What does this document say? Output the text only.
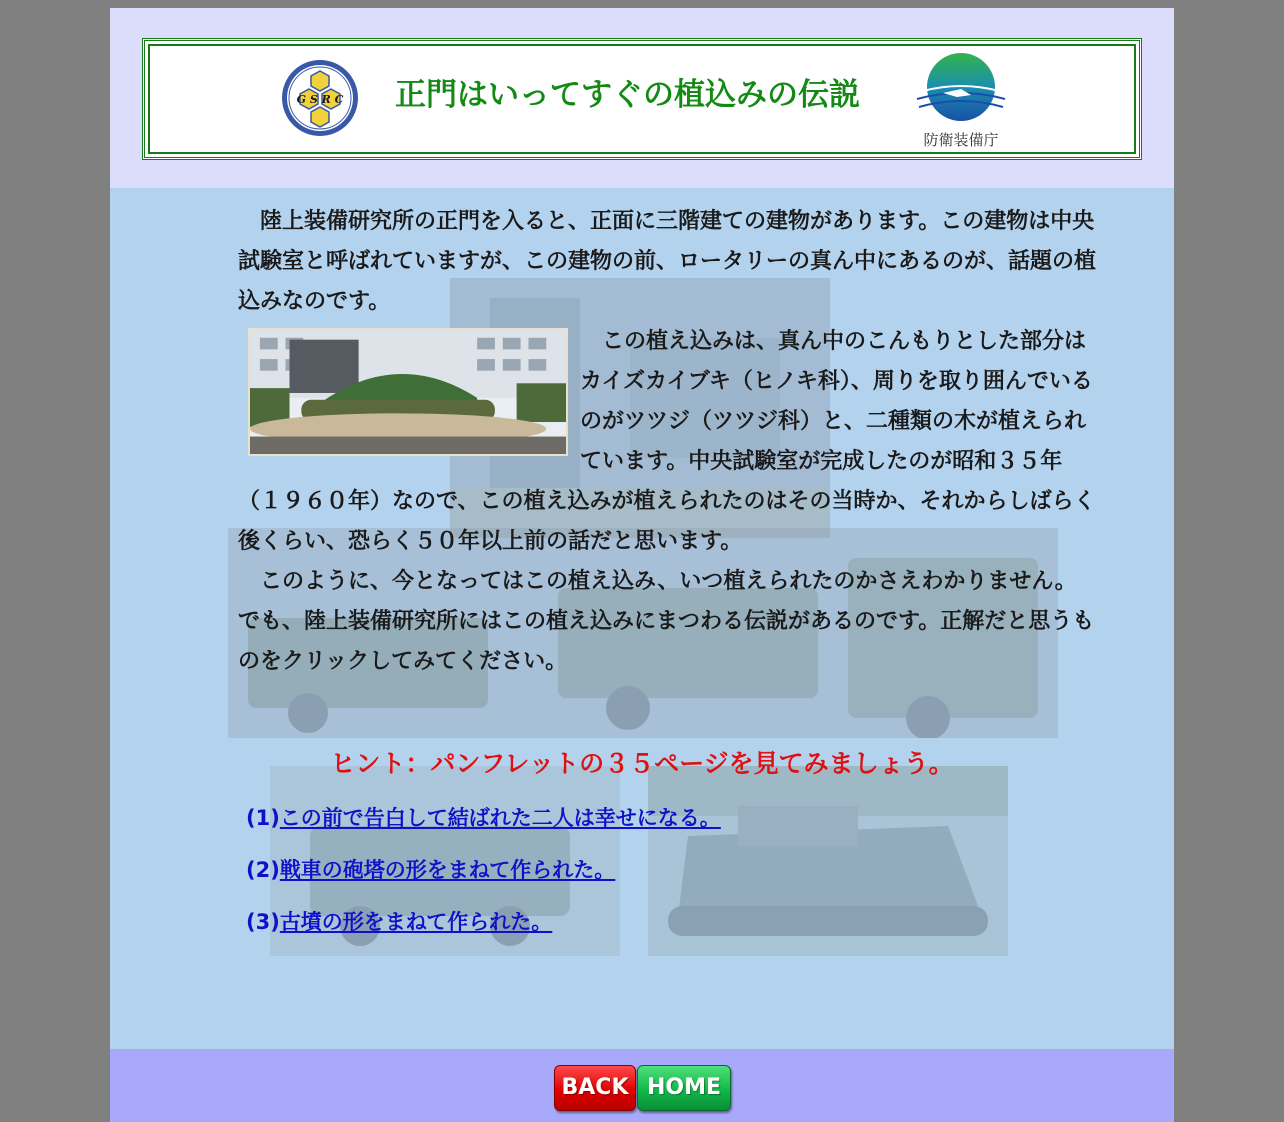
G S R C 正門はいってすぐの植込みの伝説
防衛装備庁

　陸上装備研究所の正門を入ると、正面に三階建ての建物があります。この建物は中央試験室と呼ばれていますが、この建物の前、ロータリーの真ん中にあるのが、話題の植込みなのです。

　この植え込みは、真ん中のこんもりとした部分はカイズカイブキ（ヒノキ科）、周りを取り囲んでいるのがツツジ（ツツジ科）と、二種類の木が植えられています。中央試験室が完成したのが昭和３５年（１９６０年）なので、この植え込みが植えられたのはその当時か、それからしばらく後くらい、恐らく５０年以上前の話だと思います。

　このように、今となってはこの植え込み、いつ植えられたのかさえわかりません。でも、陸上装備研究所にはこの植え込みにまつわる伝説があるのです。正解だと思うものをクリックしてみてください。

ヒント：パンフレットの３５ページを見てみましょう。
(1)この前で告白して結ばれた二人は幸せになる。
(2)戦車の砲塔の形をまねて作られた。
(3)古墳の形をまねて作られた。
BACK HOME
